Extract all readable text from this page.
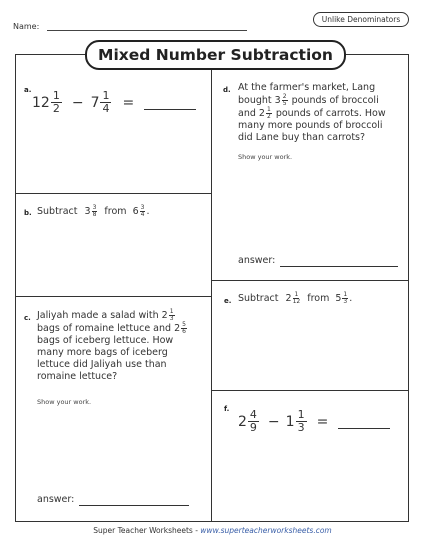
Name:
Unlike Denominators
Mixed Number Subtraction
a.
$12 \frac{1}{2} - 7 \frac{1}{4}$ =
b. Subtract $3 \frac{3}{8}$ from $6 \frac{3}{4}$ .
c. Jaliyah made a salad with $2 \frac{1}{3}$
bags of romaine lettuce and $2 \frac{5}{6}$
bags of iceberg lettuce. How
many more bags of iceberg
lettuce did Jaliyah use than
romaine lettuce?
Show your work.
answer:
d. At the farmer's market, Lang
bought $3 \frac{2}{5}$ pounds of broccoli
and $2 \frac{1}{2}$ pounds of carrots. How
many more pounds of broccoli
did Lane buy than carrots?
Show your work.
answer:
e. Subtract $2 \frac{1}{12}$ from $5 \frac{1}{3}$ .
f.
$2 \frac{4}{9} - 1 \frac{1}{3}$ =
Super Teacher Worksheets - www.superteacherworksheets.com
